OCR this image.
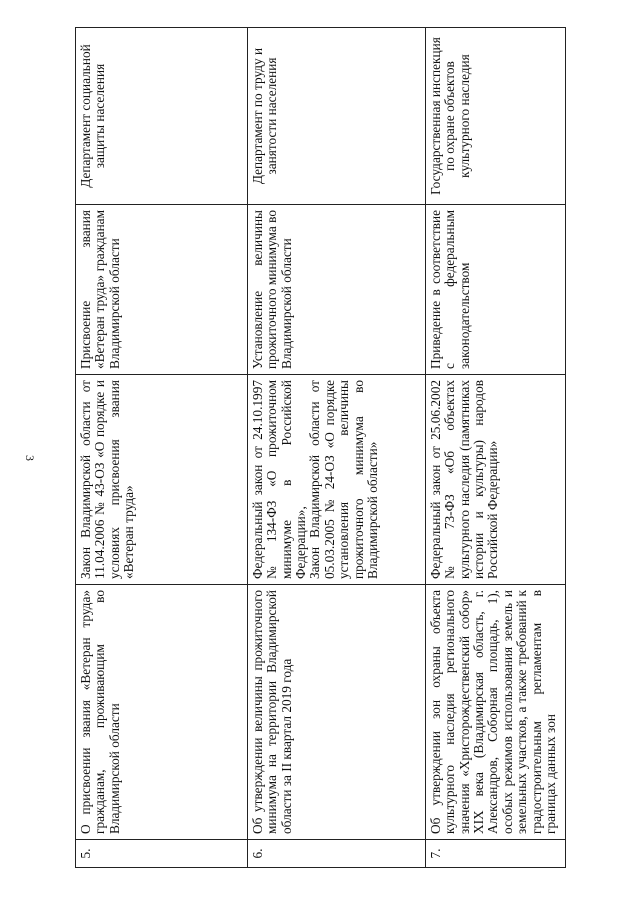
3
5.	О присвоении звания «Ветеран труда» гражданам, проживающим во Владимирской области	Закон Владимирской области от 11.04.2006 № 43-ОЗ «О порядке и условиях присвоения звания «Ветеран труда»	Присвоение звания «Ветеран труда» гражданам Владимирской области	Департамент социальной защиты населения
6.	Об утверждении величины прожиточного минимума на территории Владимирской области за II квартал 2019 года	Федеральный закон от 24.10.1997 № 134-ФЗ «О прожиточном минимуме в Российской Федерации», Закон Владимирской области от 05.03.2005 № 24-ОЗ «О порядке установления величины прожиточного минимума во Владимирской области»	Установление величины прожиточного минимума во Владимирской области	Департамент по труду и занятости населения
7.	Об утверждении зон охраны объекта культурного наследия регионального значения «Христорождественский собор» XIX века (Владимирская область, г. Александров, Соборная площадь, 1), особых режимов использования земель и земельных участков, а также требований к градостроительным регламентам в границах данных зон	Федеральный закон от 25.06.2002 № 73-ФЗ «Об объектах культурного наследия (памятниках истории и культуры) народов Российской Федерации»	Приведение в соответствие с федеральным законодательством	Государственная инспекция по охране объектов культурного наследия
